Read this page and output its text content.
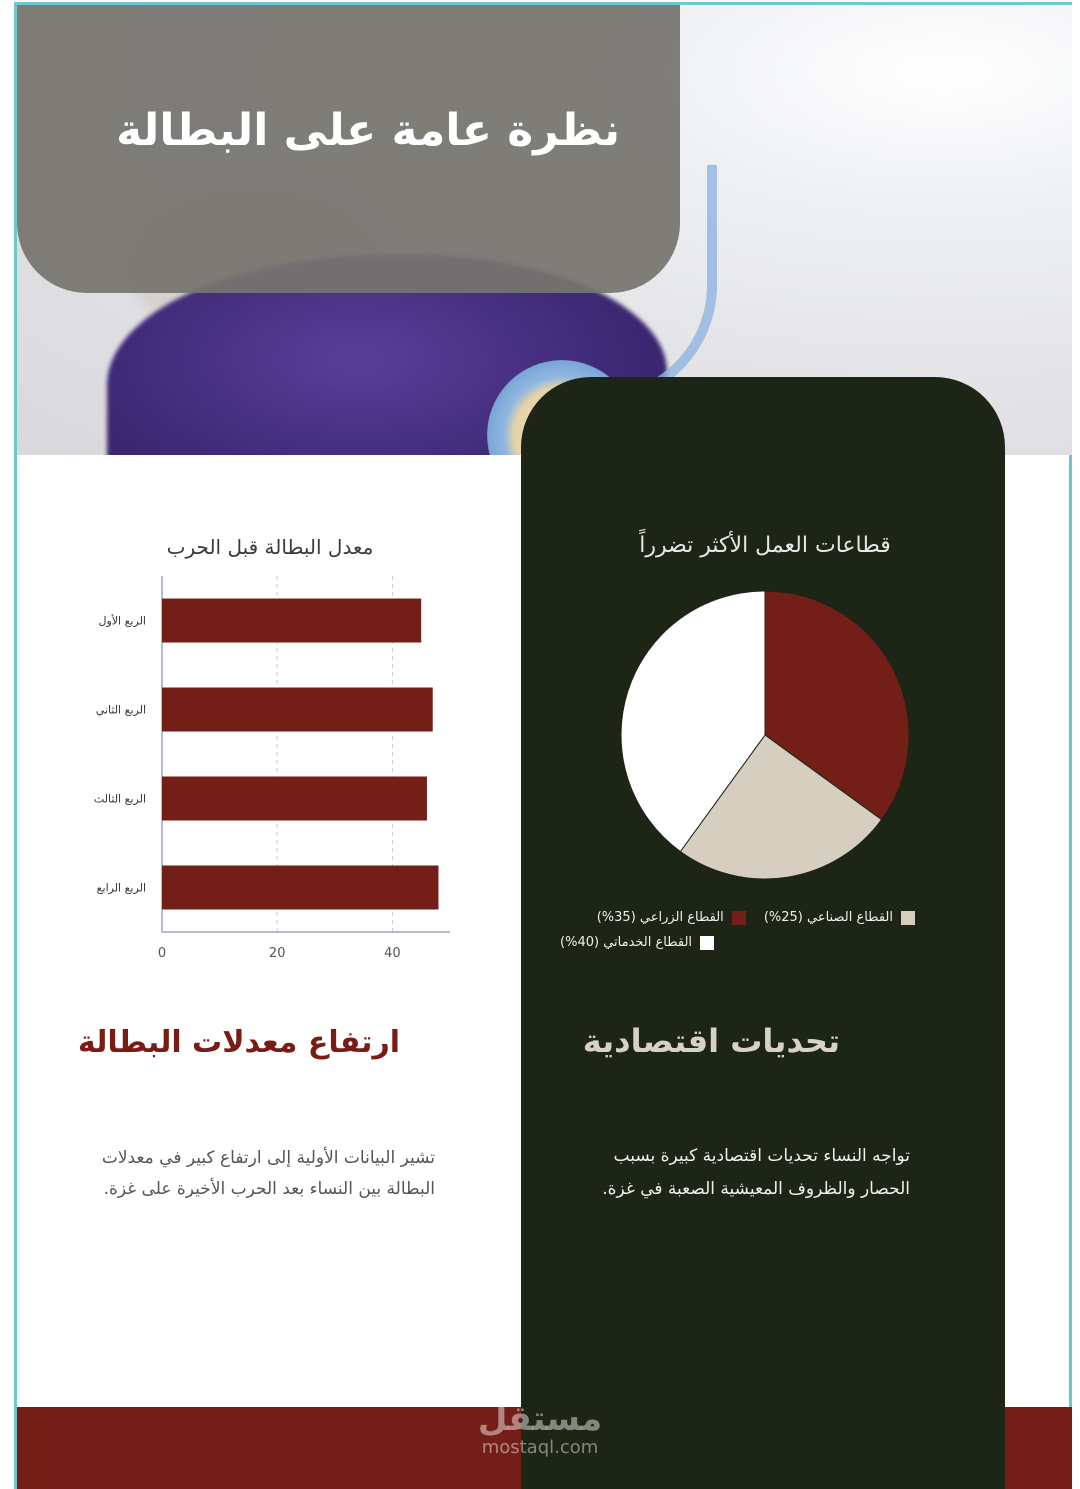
نظرة عامة على البطالة
معدل البطالة قبل الحرب
0	20	40
الربع الأول
الربع الثاني
الربع الثالث
الربع الرابع
قطاعات العمل الأكثر تضرراً
القطاع الصناعي (25%)
القطاع الزراعي (35%)
القطاع الخدماتي (40%)
ارتفاع معدلات البطالة	تحديات اقتصادية

تشير البيانات الأولية إلى ارتفاع كبير في معدلات البطالة بين النساء بعد الحرب الأخيرة على غزة.

تواجه النساء تحديات اقتصادية كبيرة بسبب الحصار والظروف المعيشية الصعبة في غزة.

مستقل
mostaql.com
